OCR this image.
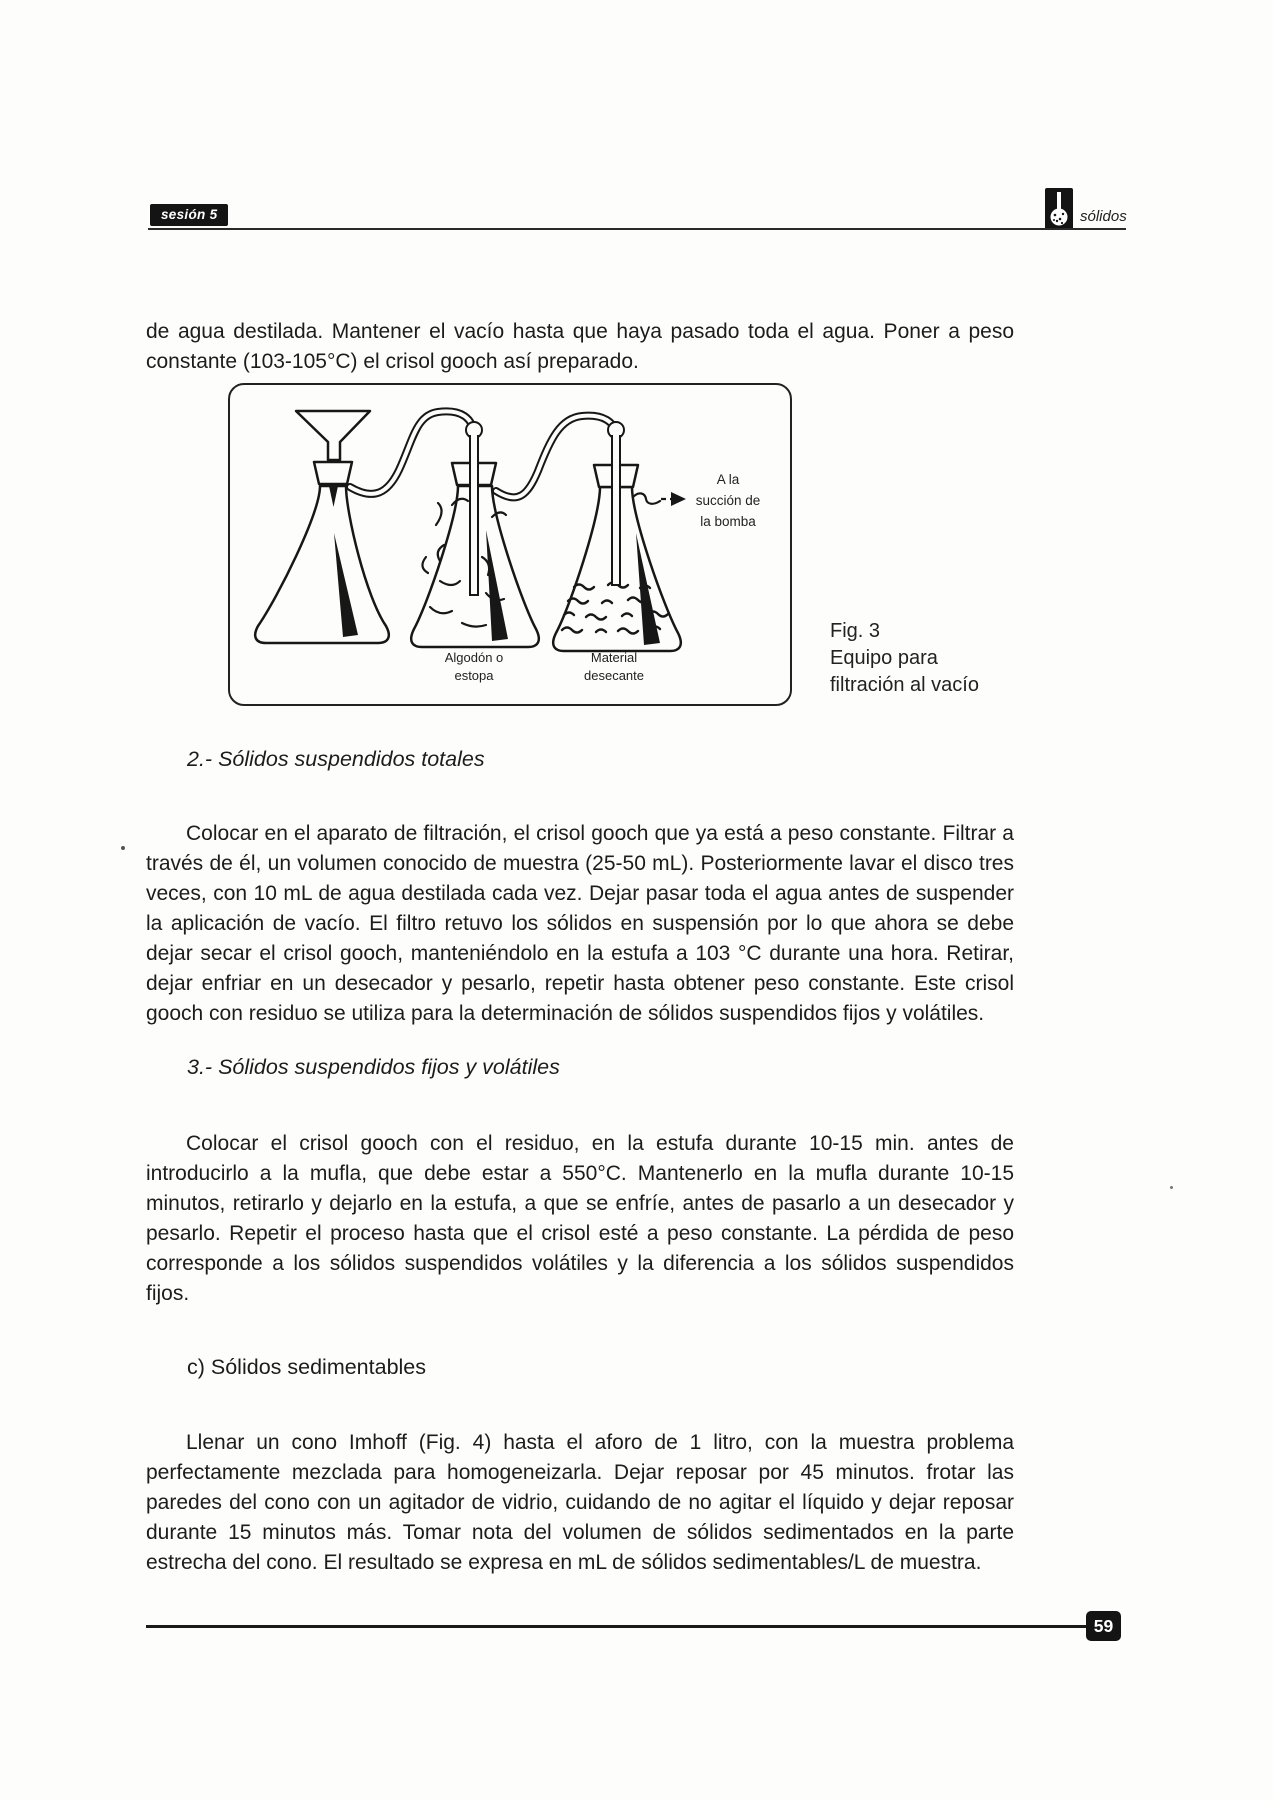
sesión 5	sólidos

de agua destilada. Mantener el vacío hasta que haya pasado toda el agua. Poner a peso constante (103-105°C) el crisol gooch así preparado.

A la
succión de
la bomba
Algodón o
estopa
Material
desecante
Fig. 3
Equipo para
filtración al vacío
2.- Sólidos suspendidos totales

Colocar en el aparato de filtración, el crisol gooch que ya está a peso constante. Filtrar a través de él, un volumen conocido de muestra (25-50 mL). Posteriormente lavar el disco tres veces, con 10 mL de agua destilada cada vez. Dejar pasar toda el agua antes de suspender la aplicación de vacío. El filtro retuvo los sólidos en suspensión por lo que ahora se debe dejar secar el crisol gooch, manteniéndolo en la estufa a 103 °C durante una hora. Retirar, dejar enfriar en un desecador y pesarlo, repetir hasta obtener peso constante. Este crisol gooch con residuo se utiliza para la determinación de sólidos suspendidos fijos y volátiles.

3.- Sólidos suspendidos fijos y volátiles

Colocar el crisol gooch con el residuo, en la estufa durante 10-15 min. antes de introducirlo a la mufla, que debe estar a 550°C. Mantenerlo en la mufla durante 10-15 minutos, retirarlo y dejarlo en la estufa, a que se enfríe, antes de pasarlo a un desecador y pesarlo. Repetir el proceso hasta que el crisol esté a peso constante. La pérdida de peso corresponde a los sólidos suspendidos volátiles y la diferencia a los sólidos suspendidos fijos.

c) Sólidos sedimentables

Llenar un cono Imhoff (Fig. 4) hasta el aforo de 1 litro, con la muestra problema perfectamente mezclada para homogeneizarla. Dejar reposar por 45 minutos. frotar las paredes del cono con un agitador de vidrio, cuidando de no agitar el líquido y dejar reposar durante 15 minutos más. Tomar nota del volumen de sólidos sedimentados en la parte estrecha del cono. El resultado se expresa en mL de sólidos sedimentables/L de muestra.

59
